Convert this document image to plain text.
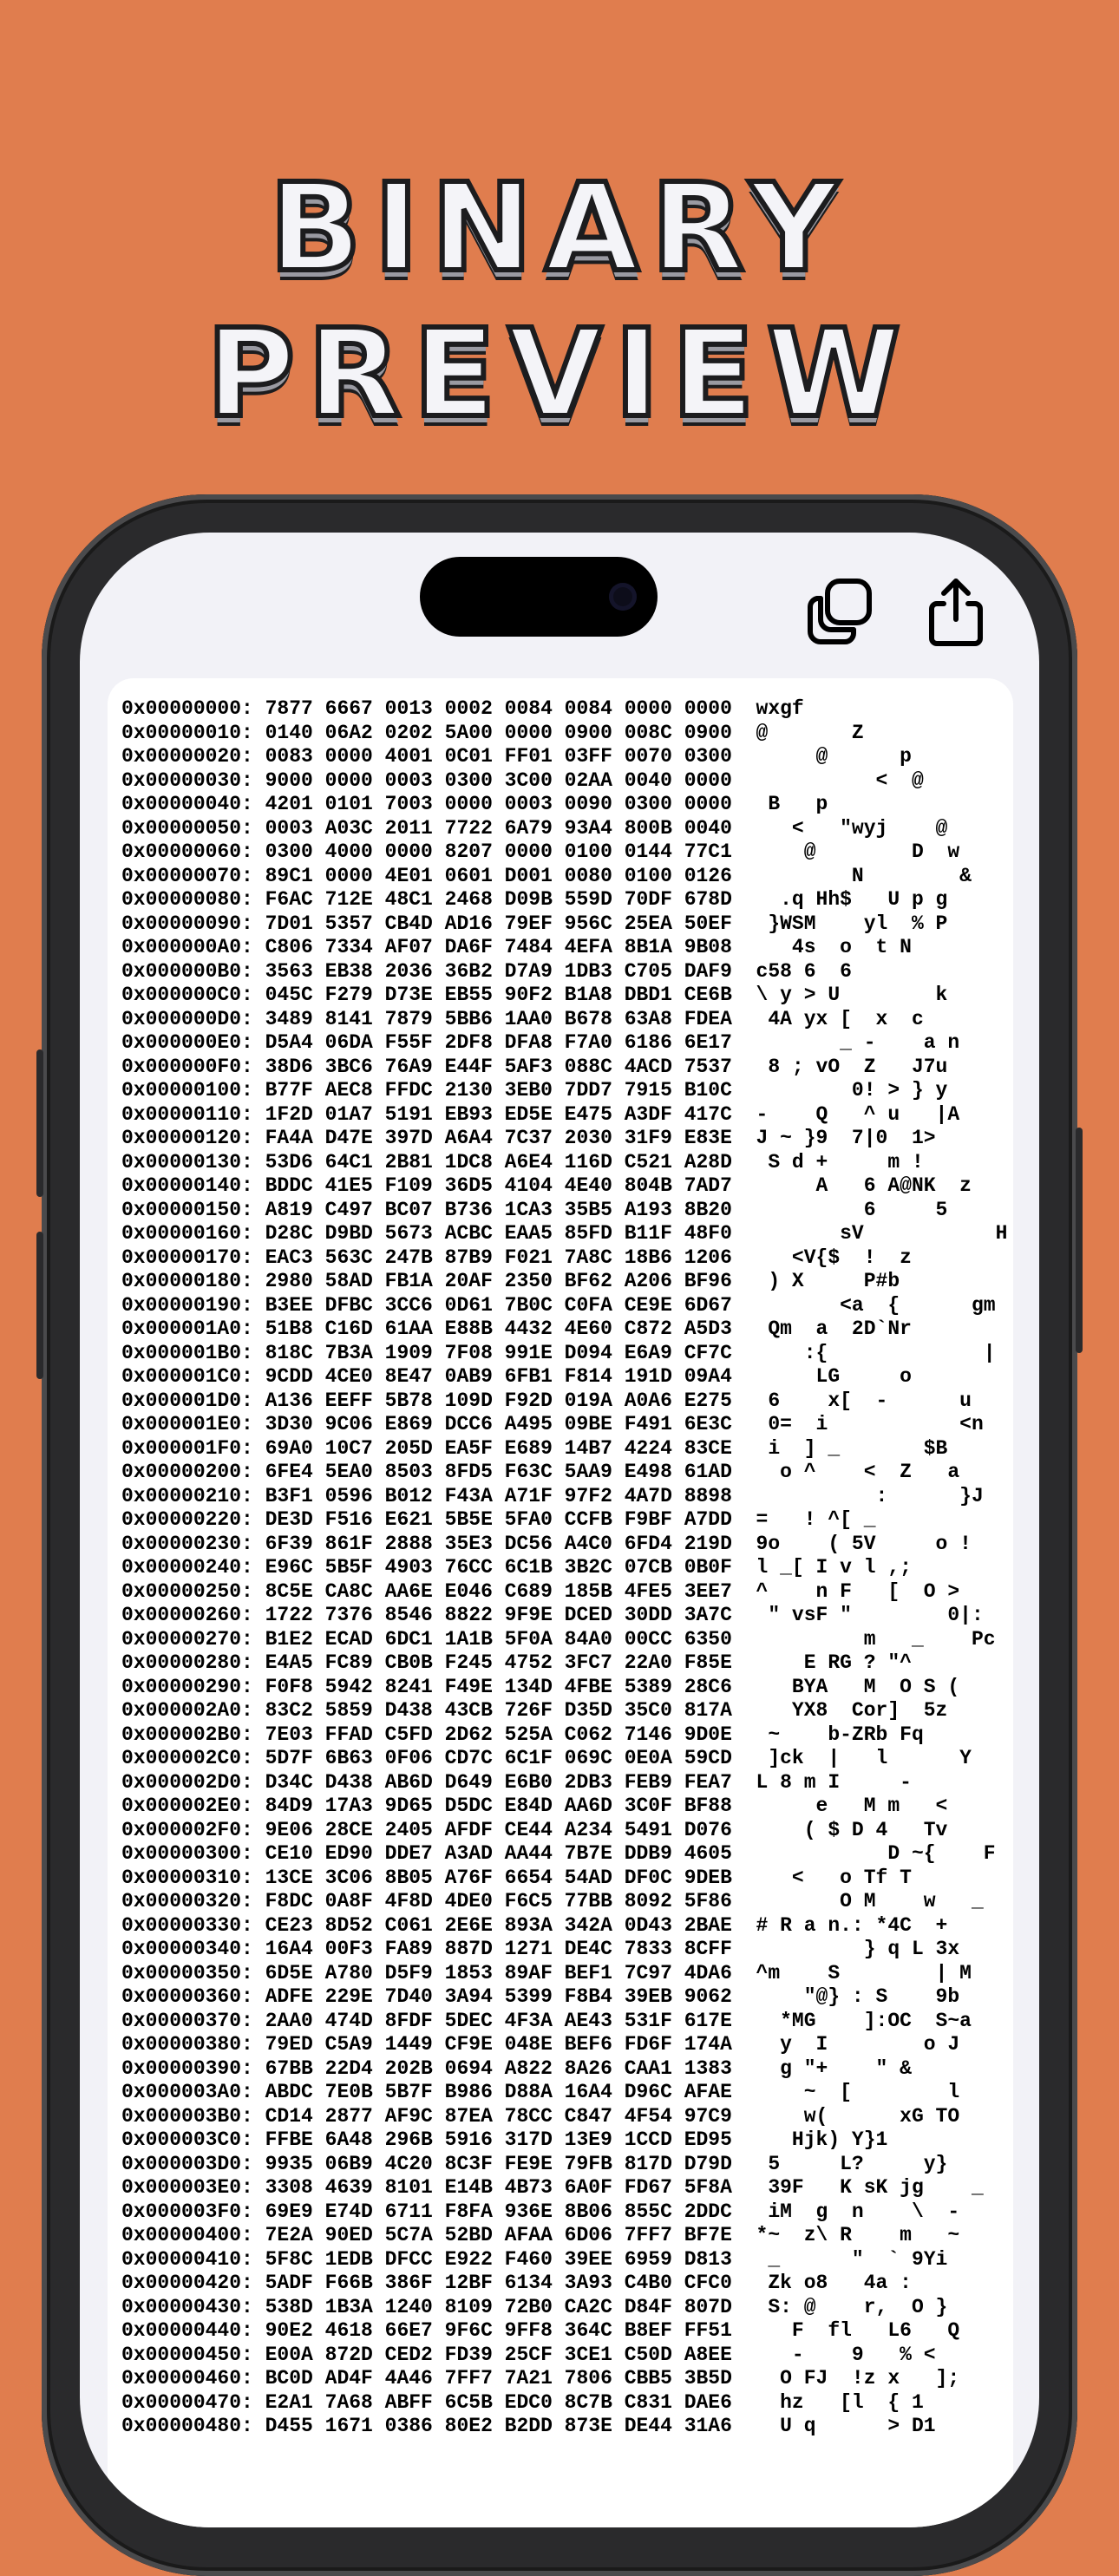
BINARY
PREVIEW
0x00000000: 7877 6667 0013 0002 0084 0084 0000 0000  wxgf
0x00000010: 0140 06A2 0202 5A00 0000 0900 008C 0900  @       Z
0x00000020: 0083 0000 4001 0C01 FF01 03FF 0070 0300       @      p
0x00000030: 9000 0000 0003 0300 3C00 02AA 0040 0000            <  @
0x00000040: 4201 0101 7003 0000 0003 0090 0300 0000   B   p
0x00000050: 0003 A03C 2011 7722 6A79 93A4 800B 0040     <   "wyj    @
0x00000060: 0300 4000 0000 8207 0000 0100 0144 77C1      @        D  w
0x00000070: 89C1 0000 4E01 0601 D001 0080 0100 0126          N        &
0x00000080: F6AC 712E 48C1 2468 D09B 559D 70DF 678D    .q Hh$   U p g
0x00000090: 7D01 5357 CB4D AD16 79EF 956C 25EA 50EF   }WSM    yl  % P
0x000000A0: C806 7334 AF07 DA6F 7484 4EFA 8B1A 9B08     4s  o  t N
0x000000B0: 3563 EB38 2036 36B2 D7A9 1DB3 C705 DAF9  c58 6  6
0x000000C0: 045C F279 D73E EB55 90F2 B1A8 DBD1 CE6B  \ y > U        k
0x000000D0: 3489 8141 7879 5BB6 1AA0 B678 63A8 FDEA   4A yx [  x  c
0x000000E0: D5A4 06DA F55F 2DF8 DFA8 F7A0 6186 6E17         _ -    a n
0x000000F0: 38D6 3BC6 76A9 E44F 5AF3 088C 4ACD 7537   8 ; vO  Z   J7u
0x00000100: B77F AEC8 FFDC 2130 3EB0 7DD7 7915 B10C          0! > } y
0x00000110: 1F2D 01A7 5191 EB93 ED5E E475 A3DF 417C  -    Q   ^ u   |A
0x00000120: FA4A D47E 397D A6A4 7C37 2030 31F9 E83E  J ~ }9  7|0  1>
0x00000130: 53D6 64C1 2B81 1DC8 A6E4 116D C521 A28D   S d +     m !
0x00000140: BDDC 41E5 F109 36D5 4104 4E40 804B 7AD7       A   6 A@NK  z
0x00000150: A819 C497 BC07 B736 1CA3 35B5 A193 8B20           6     5
0x00000160: D28C D9BD 5673 ACBC EAA5 85FD B11F 48F0         sV           H
0x00000170: EAC3 563C 247B 87B9 F021 7A8C 18B6 1206     <V{$  !  z
0x00000180: 2980 58AD FB1A 20AF 2350 BF62 A206 BF96   ) X     P#b
0x00000190: B3EE DFBC 3CC6 0D61 7B0C C0FA CE9E 6D67         <a  {      gm
0x000001A0: 51B8 C16D 61AA E88B 4432 4E60 C872 A5D3   Qm  a  2D`Nr
0x000001B0: 818C 7B3A 1909 7F08 991E D094 E6A9 CF7C      :{             |
0x000001C0: 9CDD 4CE0 8E47 0AB9 6FB1 F814 191D 09A4       LG     o
0x000001D0: A136 EEFF 5B78 109D F92D 019A A0A6 E275   6    x[  -      u
0x000001E0: 3D30 9C06 E869 DCC6 A495 09BE F491 6E3C   0=  i           <n
0x000001F0: 69A0 10C7 205D EA5F E689 14B7 4224 83CE   i  ] _       $B
0x00000200: 6FE4 5EA0 8503 8FD5 F63C 5AA9 E498 61AD    o ^    <  Z   a
0x00000210: B3F1 0596 B012 F43A A71F 97F2 4A7D 8898            :      }J
0x00000220: DE3D F516 E621 5B5E 5FA0 CCFB F9BF A7DD  =   ! ^[ _
0x00000230: 6F39 861F 2888 35E3 DC56 A4C0 6FD4 219D  9o    ( 5V     o !
0x00000240: E96C 5B5F 4903 76CC 6C1B 3B2C 07CB 0B0F  l _[ I v l ,;
0x00000250: 8C5E CA8C AA6E E046 C689 185B 4FE5 3EE7  ^    n F   [  O >
0x00000260: 1722 7376 8546 8822 9F9E DCED 30DD 3A7C   " vsF "        0|:
0x00000270: B1E2 ECAD 6DC1 1A1B 5F0A 84A0 00CC 6350           m   _    Pc
0x00000280: E4A5 FC89 CB0B F245 4752 3FC7 22A0 F85E      E RG ? "^
0x00000290: F0F8 5942 8241 F49E 134D 4FBE 5389 28C6     BYA   M  O S (
0x000002A0: 83C2 5859 D438 43CB 726F D35D 35C0 817A     YX8  Cor]  5z
0x000002B0: 7E03 FFAD C5FD 2D62 525A C062 7146 9D0E   ~    b-ZRb Fq
0x000002C0: 5D7F 6B63 0F06 CD7C 6C1F 069C 0E0A 59CD   ]ck  |   l      Y
0x000002D0: D34C D438 AB6D D649 E6B0 2DB3 FEB9 FEA7  L 8 m I     -
0x000002E0: 84D9 17A3 9D65 D5DC E84D AA6D 3C0F BF88       e   M m   <
0x000002F0: 9E06 28CE 2405 AFDF CE44 A234 5491 D076      ( $ D 4   Tv
0x00000300: CE10 ED90 DDE7 A3AD AA44 7B7E DDB9 4605             D ~{    F
0x00000310: 13CE 3C06 8B05 A76F 6654 54AD DF0C 9DEB     <   o Tf T
0x00000320: F8DC 0A8F 4F8D 4DE0 F6C5 77BB 8092 5F86         O M    w   _
0x00000330: CE23 8D52 C061 2E6E 893A 342A 0D43 2BAE  # R a n.: *4C  +
0x00000340: 16A4 00F3 FA89 887D 1271 DE4C 7833 8CFF           } q L 3x
0x00000350: 6D5E A780 D5F9 1853 89AF BEF1 7C97 4DA6  ^m    S        | M
0x00000360: ADFE 229E 7D40 3A94 5399 F8B4 39EB 9062      "@} : S    9b
0x00000370: 2AA0 474D 8FDF 5DEC 4F3A AE43 531F 617E    *MG    ]:OC  S~a
0x00000380: 79ED C5A9 1449 CF9E 048E BEF6 FD6F 174A    y  I        o J
0x00000390: 67BB 22D4 202B 0694 A822 8A26 CAA1 1383    g "+    " &
0x000003A0: ABDC 7E0B 5B7F B986 D88A 16A4 D96C AFAE      ~  [        l
0x000003B0: CD14 2877 AF9C 87EA 78CC C847 4F54 97C9      w(      xG TO
0x000003C0: FFBE 6A48 296B 5916 317D 13E9 1CCD ED95     Hjk) Y}1
0x000003D0: 9935 06B9 4C20 8C3F FE9E 79FB 817D D79D   5     L?     y}
0x000003E0: 3308 4639 8101 E14B 4B73 6A0F FD67 5F8A   39F   K sK jg    _
0x000003F0: 69E9 E74D 6711 F8FA 936E 8B06 855C 2DDC   iM  g  n    \  -
0x00000400: 7E2A 90ED 5C7A 52BD AFAA 6D06 7FF7 BF7E  *~  z\ R    m   ~
0x00000410: 5F8C 1EDB DFCC E922 F460 39EE 6959 D813   _      "  ` 9Yi
0x00000420: 5ADF F66B 386F 12BF 6134 3A93 C4B0 CFC0   Zk o8   4a :
0x00000430: 538D 1B3A 1240 8109 72B0 CA2C D84F 807D   S: @    r,  O }
0x00000440: 90E2 4618 66E7 9F6C 9FF8 364C B8EF FF51     F  fl   L6   Q
0x00000450: E00A 872D CED2 FD39 25CF 3CE1 C50D A8EE     -    9   % <
0x00000460: BC0D AD4F 4A46 7FF7 7A21 7806 CBB5 3B5D    O FJ  !z x   ];
0x00000470: E2A1 7A68 ABFF 6C5B EDC0 8C7B C831 DAE6    hz   [l  { 1
0x00000480: D455 1671 0386 80E2 B2DD 873E DE44 31A6    U q      > D1
